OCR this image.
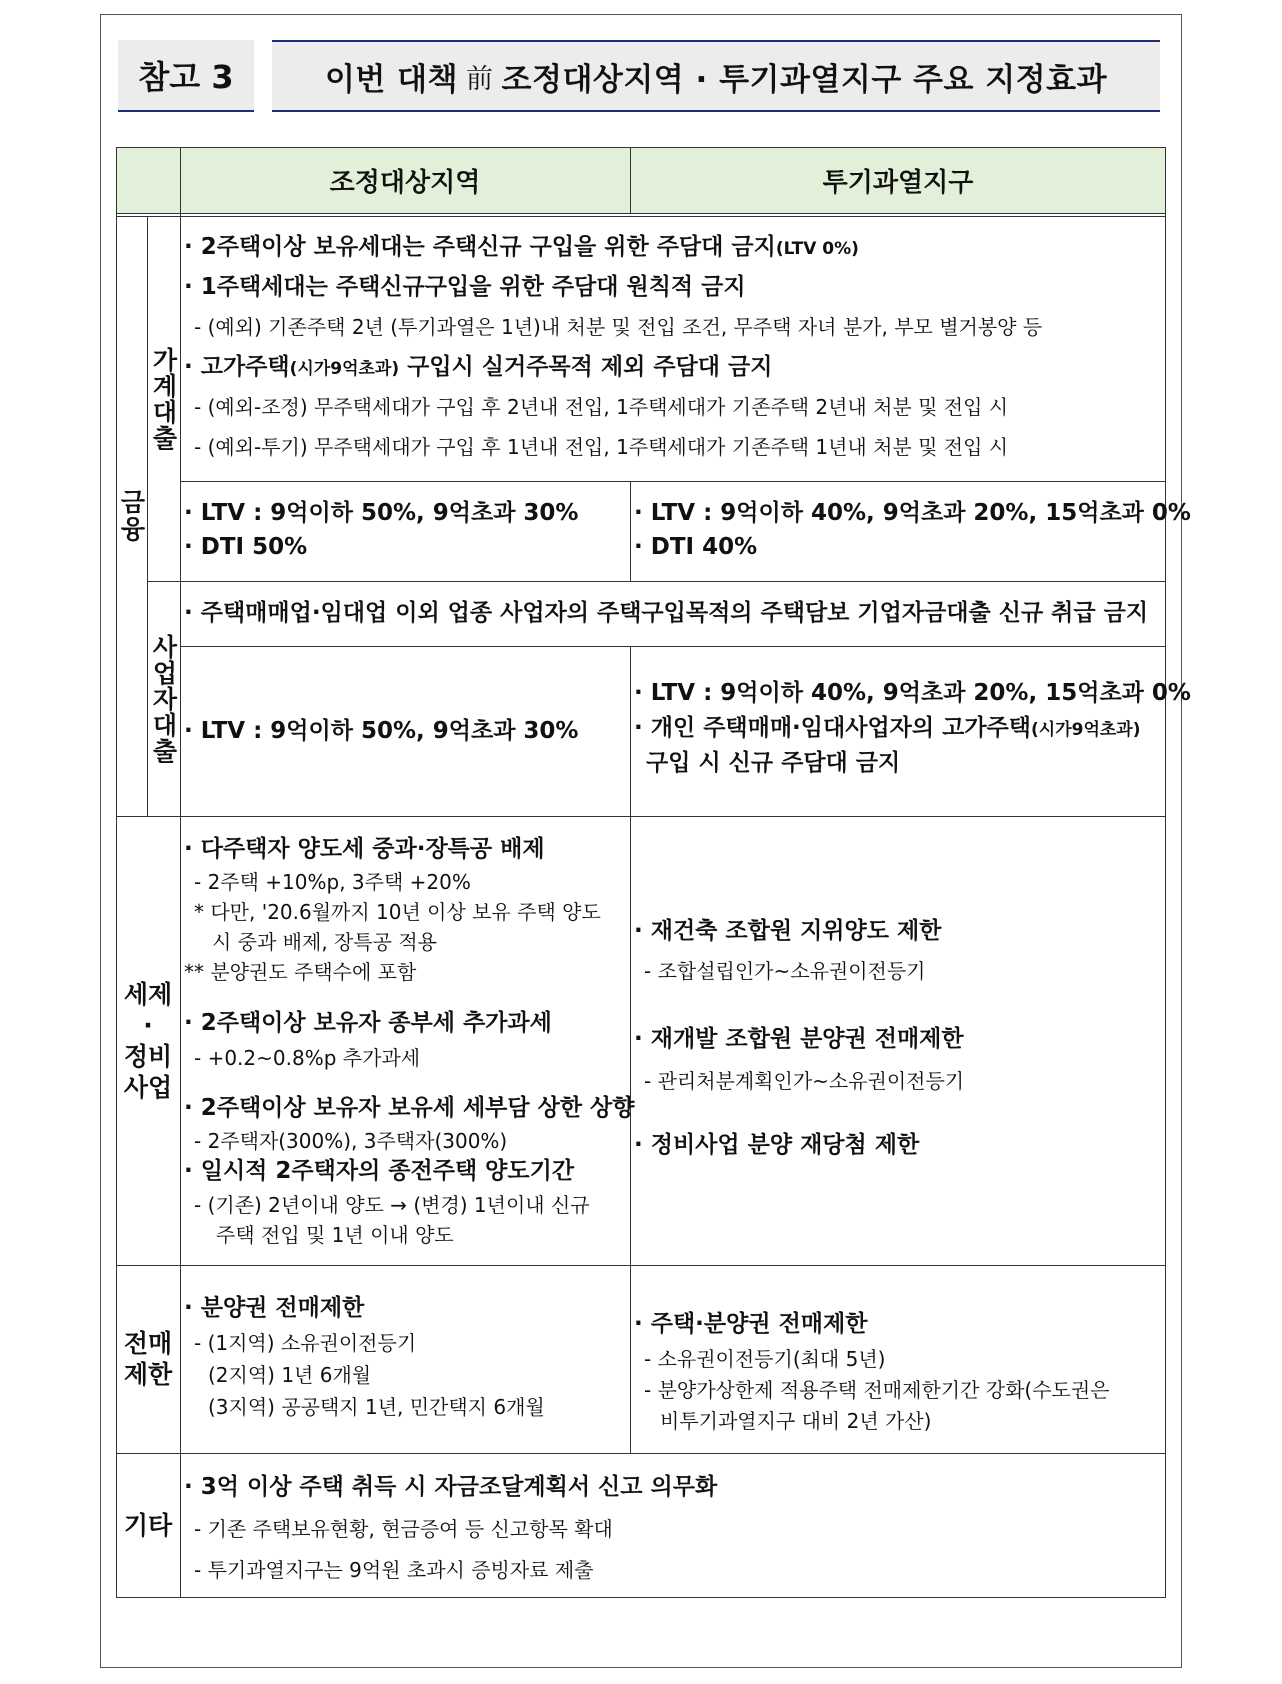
참고 3	이번 대책 前 조정대상지역 · 투기과열지구 주요 지정효과
조정대상지역	투기과열지구
금융
가계대출
사업자대출
세제
·
정비
사업
전매
제한
기타
· 2주택이상 보유세대는 주택신규 구입을 위한 주담대 금지(LTV 0%)
· 1주택세대는 주택신규구입을 위한 주담대 원칙적 금지
- (예외) 기존주택 2년 (투기과열은 1년)내 처분 및 전입 조건, 무주택 자녀 분가, 부모 별거봉양 등
· 고가주택(시가9억초과) 구입시 실거주목적 제외 주담대 금지
- (예외-조정) 무주택세대가 구입 후 2년내 전입, 1주택세대가 기존주택 2년내 처분 및 전입 시
- (예외-투기) 무주택세대가 구입 후 1년내 전입, 1주택세대가 기존주택 1년내 처분 및 전입 시
· LTV : 9억이하 50%, 9억초과 30%
· DTI 50%
· LTV : 9억이하 40%, 9억초과 20%, 15억초과 0%
· DTI 40%
· 주택매매업·임대업 이외 업종 사업자의 주택구입목적의 주택담보 기업자금대출 신규 취급 금지
· LTV : 9억이하 50%, 9억초과 30%
· LTV : 9억이하 40%, 9억초과 20%, 15억초과 0%
· 개인 주택매매·임대사업자의 고가주택(시가9억초과)
구입 시 신규 주담대 금지
· 다주택자 양도세 중과·장특공 배제
- 2주택 +10%p, 3주택 +20%
* 다만, '20.6월까지 10년 이상 보유 주택 양도
시 중과 배제, 장특공 적용
** 분양권도 주택수에 포함
· 2주택이상 보유자 종부세 추가과세
- +0.2~0.8%p 추가과세
· 2주택이상 보유자 보유세 세부담 상한 상향
- 2주택자(300%), 3주택자(300%)
· 일시적 2주택자의 종전주택 양도기간
- (기존) 2년이내 양도 → (변경) 1년이내 신규
주택 전입 및 1년 이내 양도
· 재건축 조합원 지위양도 제한
- 조합설립인가~소유권이전등기
· 재개발 조합원 분양권 전매제한
- 관리처분계획인가~소유권이전등기
· 정비사업 분양 재당첨 제한
· 분양권 전매제한
- (1지역) 소유권이전등기
(2지역) 1년 6개월
(3지역) 공공택지 1년, 민간택지 6개월
· 주택·분양권 전매제한
- 소유권이전등기(최대 5년)
- 분양가상한제 적용주택 전매제한기간 강화(수도권은
비투기과열지구 대비 2년 가산)
· 3억 이상 주택 취득 시 자금조달계획서 신고 의무화
- 기존 주택보유현황, 현금증여 등 신고항목 확대
- 투기과열지구는 9억원 초과시 증빙자료 제출
